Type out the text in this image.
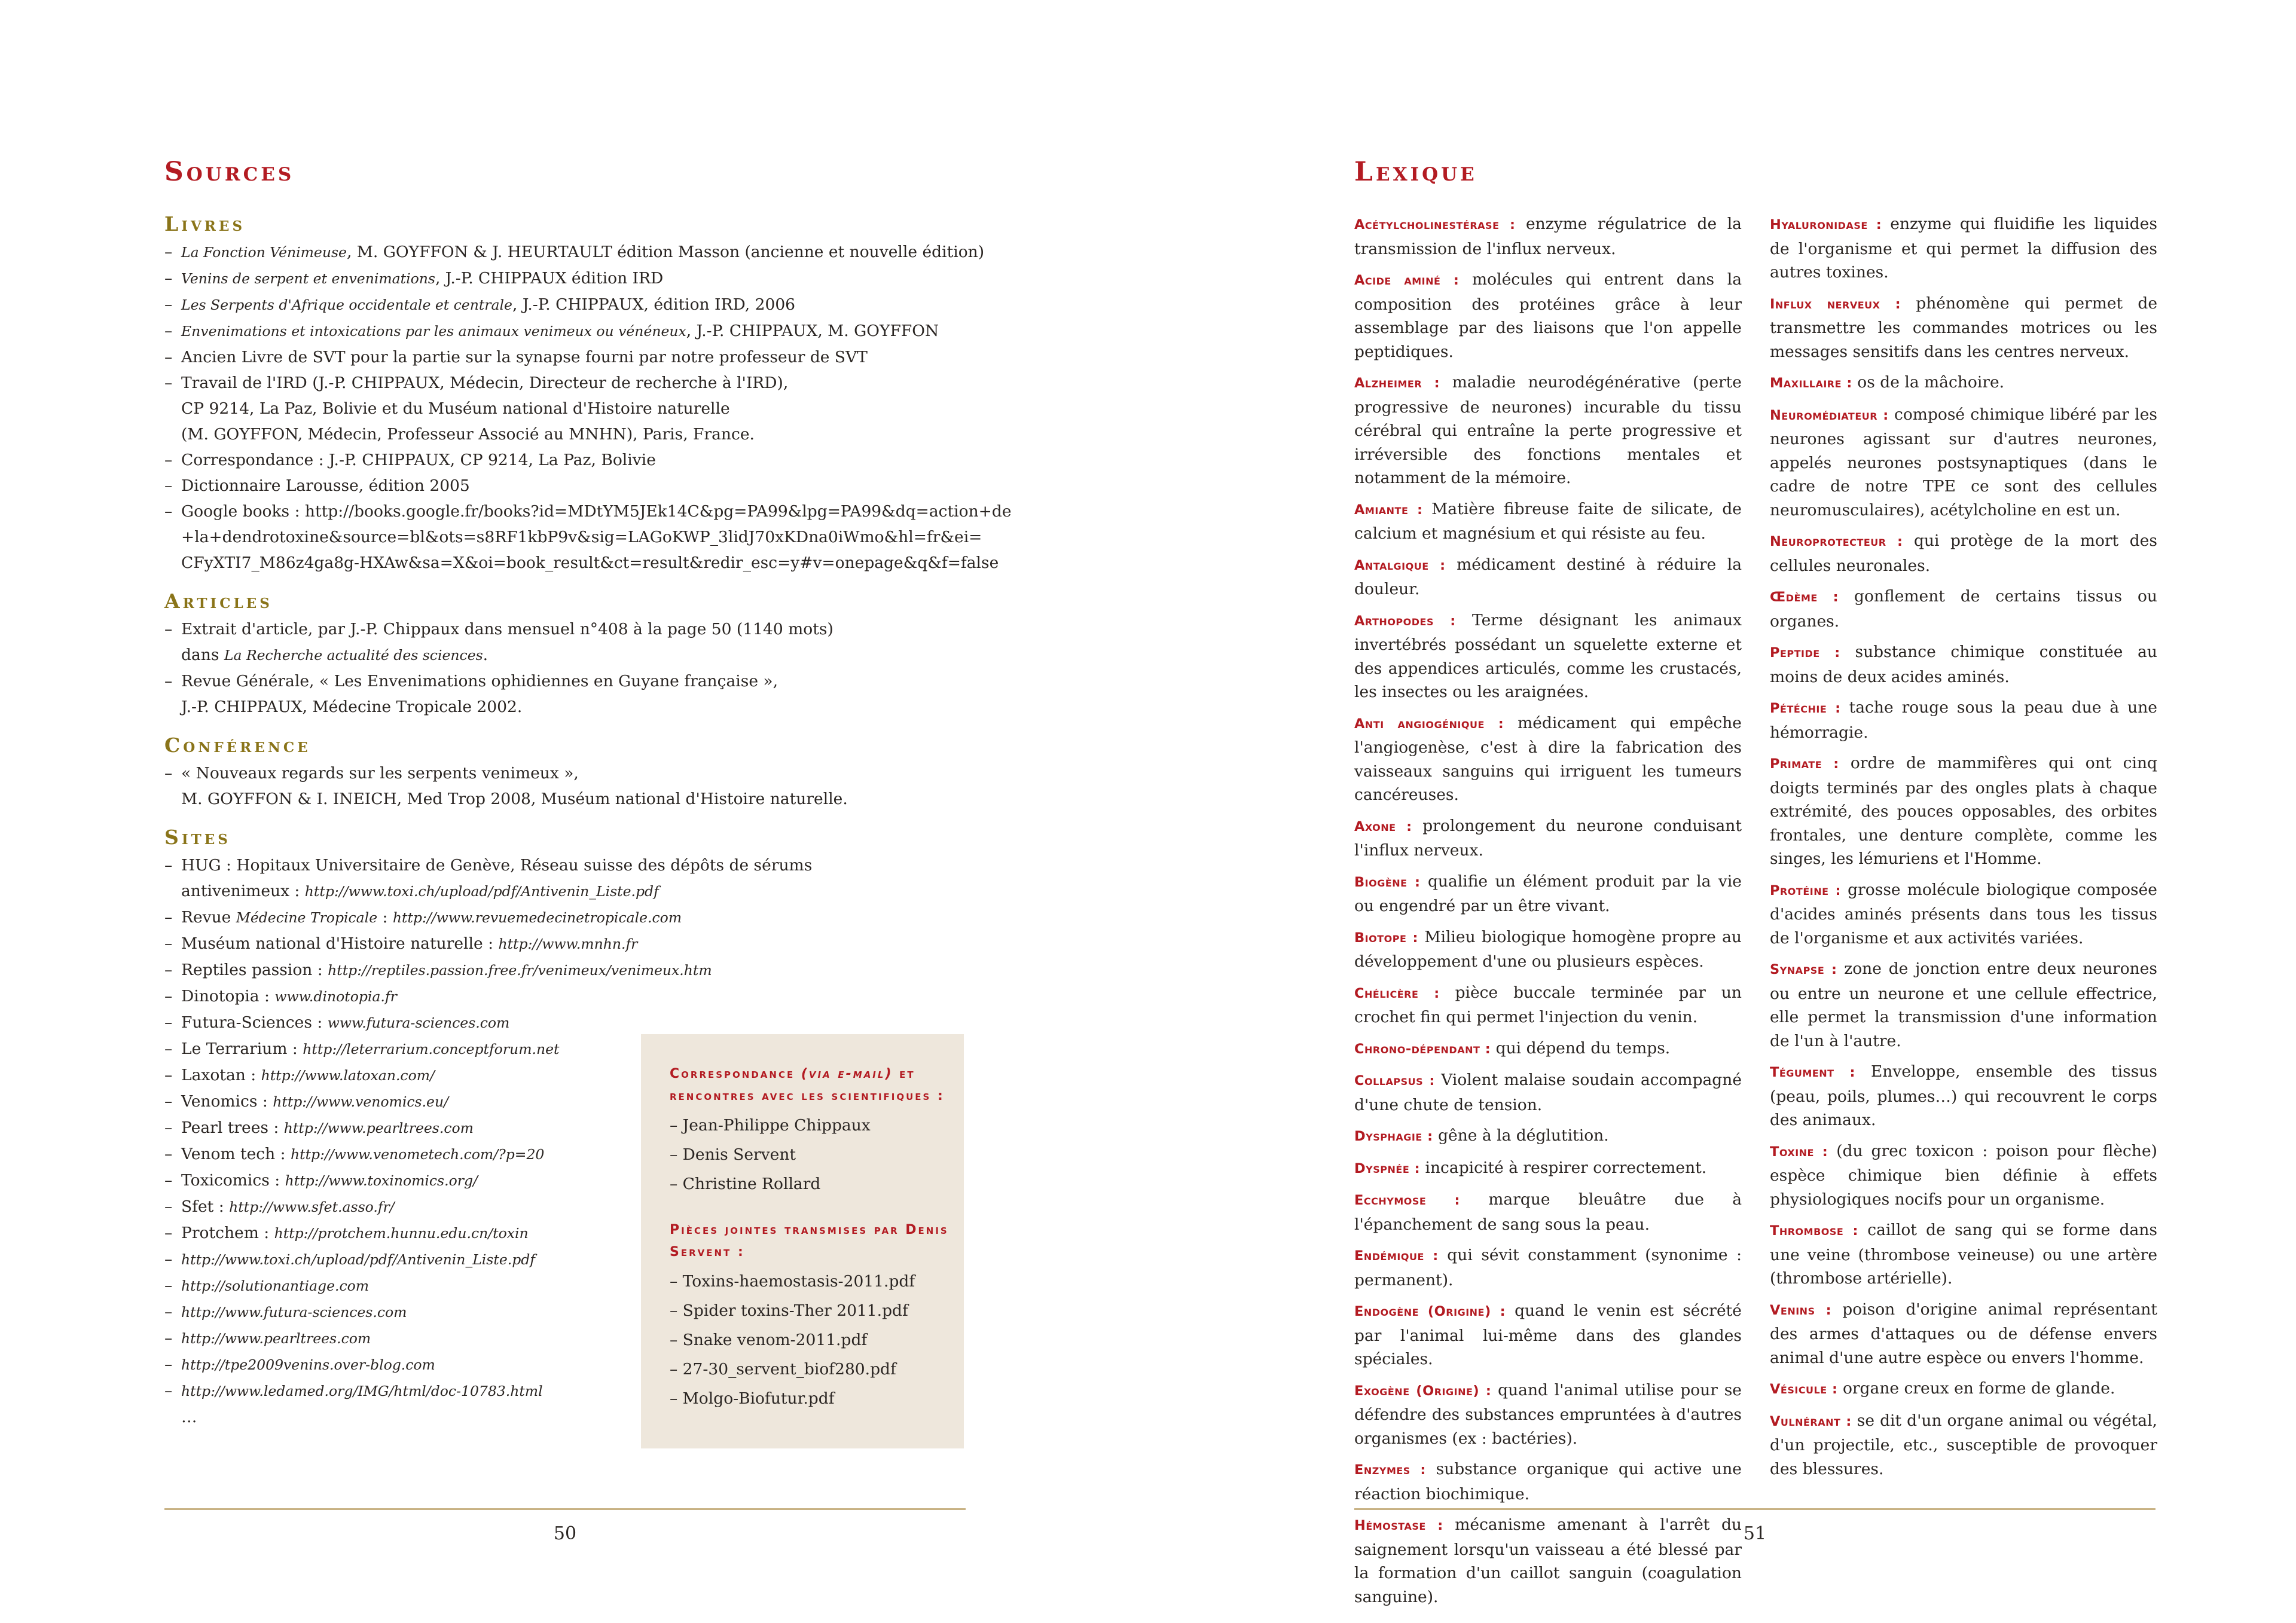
Sources
Livres
– La Fonction Vénimeuse, M. GOYFFON & J. HEURTAULT édition Masson (ancienne et nouvelle édition)
– Venins de serpent et envenimations, J.-P. CHIPPAUX édition IRD
– Les Serpents d'Afrique occidentale et centrale, J.-P. CHIPPAUX, édition IRD, 2006
– Envenimations et intoxications par les animaux venimeux ou vénéneux, J.-P. CHIPPAUX, M. GOYFFON
– Ancien Livre de SVT pour la partie sur la synapse fourni par notre professeur de SVT
– Travail de l'IRD (J.-P. CHIPPAUX, Médecin, Directeur de recherche à l'IRD),
CP 9214, La Paz, Bolivie et du Muséum national d'Histoire naturelle
(M. GOYFFON, Médecin, Professeur Associé au MNHN), Paris, France.
– Correspondance : J.-P. CHIPPAUX, CP 9214, La Paz, Bolivie
– Dictionnaire Larousse, édition 2005
– Google books : http://books.google.fr/books?id=MDtYM5JEk14C&pg=PA99&lpg=PA99&dq=action+de
+la+dendrotoxine&source=bl&ots=s8RF1kbP9v&sig=LAGoKWP_3lidJ70xKDna0iWmo&hl=fr&ei=
CFyXTI7_M86z4ga8g-HXAw&sa=X&oi=book_result&ct=result&redir_esc=y#v=onepage&q&f=false
Articles
– Extrait d'article, par J.-P. Chippaux dans mensuel n°408 à la page 50 (1140 mots)
dans La Recherche actualité des sciences.
– Revue Générale, « Les Envenimations ophidiennes en Guyane française »,
J.-P. CHIPPAUX, Médecine Tropicale 2002.
Conférence
– « Nouveaux regards sur les serpents venimeux »,
M. GOYFFON & I. INEICH, Med Trop 2008, Muséum national d'Histoire naturelle.
Sites
– HUG : Hopitaux Universitaire de Genève, Réseau suisse des dépôts de sérums
antivenimeux : http://www.toxi.ch/upload/pdf/Antivenin_Liste.pdf
– Revue Médecine Tropicale : http://www.revuemedecinetropicale.com
– Muséum national d'Histoire naturelle : http://www.mnhn.fr
– Reptiles passion : http://reptiles.passion.free.fr/venimeux/venimeux.htm
– Dinotopia : www.dinotopia.fr
– Futura-Sciences : www.futura-sciences.com
– Le Terrarium : http://leterrarium.conceptforum.net
– Laxotan : http://www.latoxan.com/
– Venomics : http://www.venomics.eu/
– Pearl trees : http://www.pearltrees.com
– Venom tech : http://www.venometech.com/?p=20
– Toxicomics : http://www.toxinomics.org/
– Sfet : http://www.sfet.asso.fr/
– Protchem : http://protchem.hunnu.edu.cn/toxin
– http://www.toxi.ch/upload/pdf/Antivenin_Liste.pdf
– http://solutionantiage.com
– http://www.futura-sciences.com
– http://www.pearltrees.com
– http://tpe2009venins.over-blog.com
– http://www.ledamed.org/IMG/html/doc-10783.html
…

Correspondance (via e-mail) et rencontres avec les scientifiques :

– Jean-Philippe Chippaux
– Denis Servent
– Christine Rollard

Pièces jointes transmises par Denis Servent :

– Toxins-haemostasis-2011.pdf
– Spider toxins-Ther 2011.pdf
– Snake venom-2011.pdf
– 27-30_servent_biof280.pdf
– Molgo-Biofutur.pdf
50
Lexique

Acétylcholinestérase : enzyme régulatrice de la transmission de l'influx nerveux.

Acide aminé : molécules qui entrent dans la composition des protéines grâce à leur assemblage par des liaisons que l'on appelle peptidiques.

Alzheimer : maladie neurodégénérative (perte progressive de neurones) incurable du tissu cérébral qui entraîne la perte progressive et irréversible des fonctions mentales et notamment de la mémoire.

Amiante : Matière fibreuse faite de silicate, de calcium et magnésium et qui résiste au feu.

Antalgique : médicament destiné à réduire la douleur.

Arthopodes : Terme désignant les animaux invertébrés possédant un squelette externe et des appendices articulés, comme les crustacés, les insectes ou les araignées.

Anti angiogénique : médicament qui empêche l'angiogenèse, c'est à dire la fabrication des vaisseaux sanguins qui irriguent les tumeurs cancéreuses.

Axone : prolongement du neurone conduisant l'influx nerveux.

Biogène : qualifie un élément produit par la vie ou engendré par un être vivant.

Biotope : Milieu biologique homogène propre au développement d'une ou plusieurs espèces.

Chélicère : pièce buccale terminée par un crochet fin qui permet l'injection du venin.

Chrono-dépendant : qui dépend du temps.

Collapsus : Violent malaise soudain accompagné d'une chute de tension.

Dysphagie : gêne à la déglutition.

Dyspnée : incapicité à respirer correctement.

Ecchymose : marque bleuâtre due à l'épanchement de sang sous la peau.

Endémique : qui sévit constamment (synonime : permanent).

Endogène (Origine) : quand le venin est sécrété par l'animal lui-même dans des glandes spéciales.

Exogène (Origine) : quand l'animal utilise pour se défendre des substances empruntées à d'autres organismes (ex : bactéries).

Enzymes : substance organique qui active une réaction biochimique.

Hémostase : mécanisme amenant à l'arrêt du saignement lorsqu'un vaisseau a été blessé par la formation d'un caillot sanguin (coagulation sanguine).

Hyaluronidase : enzyme qui fluidifie les liquides de l'organisme et qui permet la diffusion des autres toxines.

Influx nerveux : phénomène qui permet de transmettre les commandes motrices ou les messages sensitifs dans les centres nerveux.

Maxillaire : os de la mâchoire.

Neuromédiateur : composé chimique libéré par les neurones agissant sur d'autres neurones, appelés neurones postsynaptiques (dans le cadre de notre TPE ce sont des cellules neuromusculaires), acétylcholine en est un.

Neuroprotecteur : qui protège de la mort des cellules neuronales.

Œdème : gonflement de certains tissus ou organes.

Peptide : substance chimique constituée au moins de deux acides aminés.

Pétéchie : tache rouge sous la peau due à une hémorragie.

Primate : ordre de mammifères qui ont cinq doigts terminés par des ongles plats à chaque extrémité, des pouces opposables, des orbites frontales, une denture complète, comme les singes, les lémuriens et l'Homme.

Protéine : grosse molécule biologique composée d'acides aminés présents dans tous les tissus de l'organisme et aux activités variées.

Synapse : zone de jonction entre deux neurones ou entre un neurone et une cellule effectrice, elle permet la transmission d'une information de l'un à l'autre.

Tégument : Enveloppe, ensemble des tissus (peau, poils, plumes…) qui recouvrent le corps des animaux.

Toxine : (du grec toxicon : poison pour flèche) espèce chimique bien définie à effets physiologiques nocifs pour un organisme.

Thrombose : caillot de sang qui se forme dans une veine (thrombose veineuse) ou une artère (thrombose artérielle).

Venins : poison d'origine animal représentant des armes d'attaques ou de défense envers animal d'une autre espèce ou envers l'homme.

Vésicule : organe creux en forme de glande.

Vulnérant : se dit d'un organe animal ou végétal, d'un projectile, etc., susceptible de provoquer des blessures.

51
